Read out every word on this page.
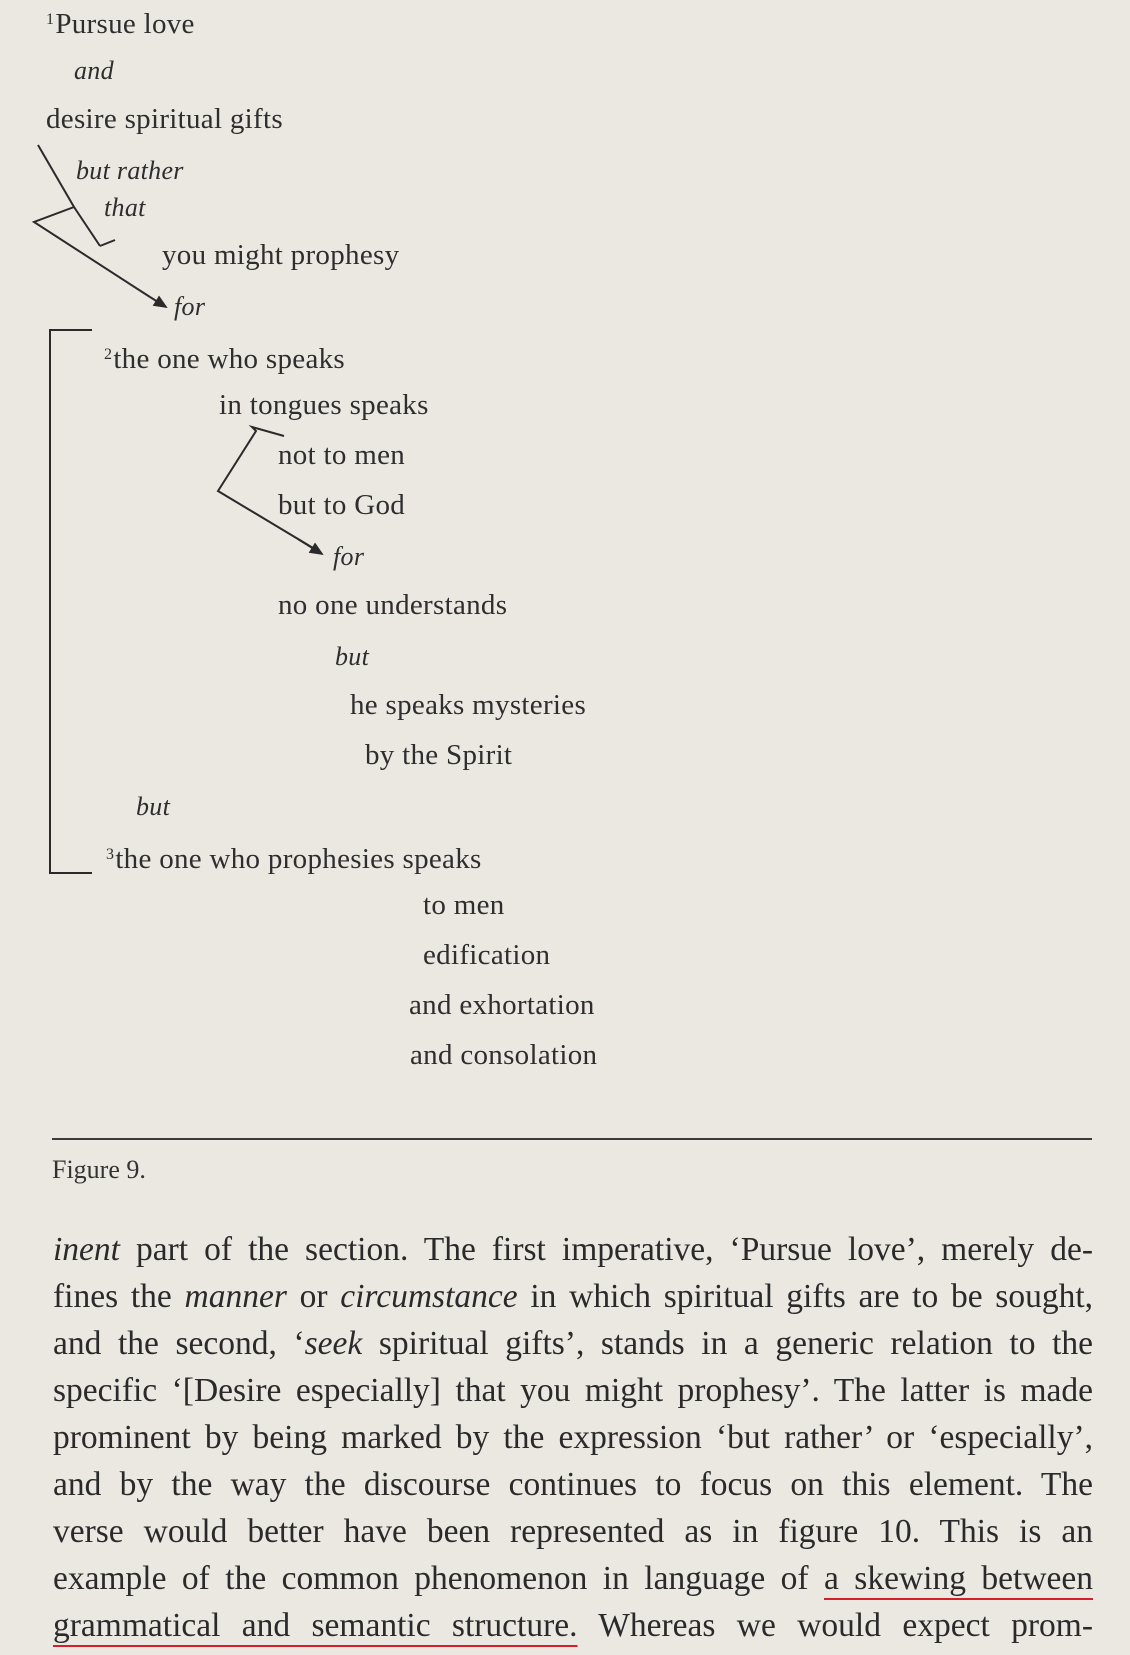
$^1$Pursue love
and
desire spiritual gifts
but rather
that
you might prophesy
for
$^2$the one who speaks
in tongues speaks
not to men
but to God
for
no one understands
but
he speaks mysteries
by the Spirit
but
$^3$the one who prophesies speaks
to men
edification
and exhortation
and consolation
Figure 9.
inent part of the section. The first imperative, ‘Pursue love’, merely de-
fines the manner or circumstance in which spiritual gifts are to be sought,
and the second, ‘seek spiritual gifts’, stands in a generic relation to the
specific ‘[Desire especially] that you might prophesy’. The latter is made
prominent by being marked by the expression ‘but rather’ or ‘especially’,
and by the way the discourse continues to focus on this element. The
verse would better have been represented as in figure 10. This is an
example of the common phenomenon in language of a skewing between
grammatical and semantic structure. Whereas we would expect prom-
